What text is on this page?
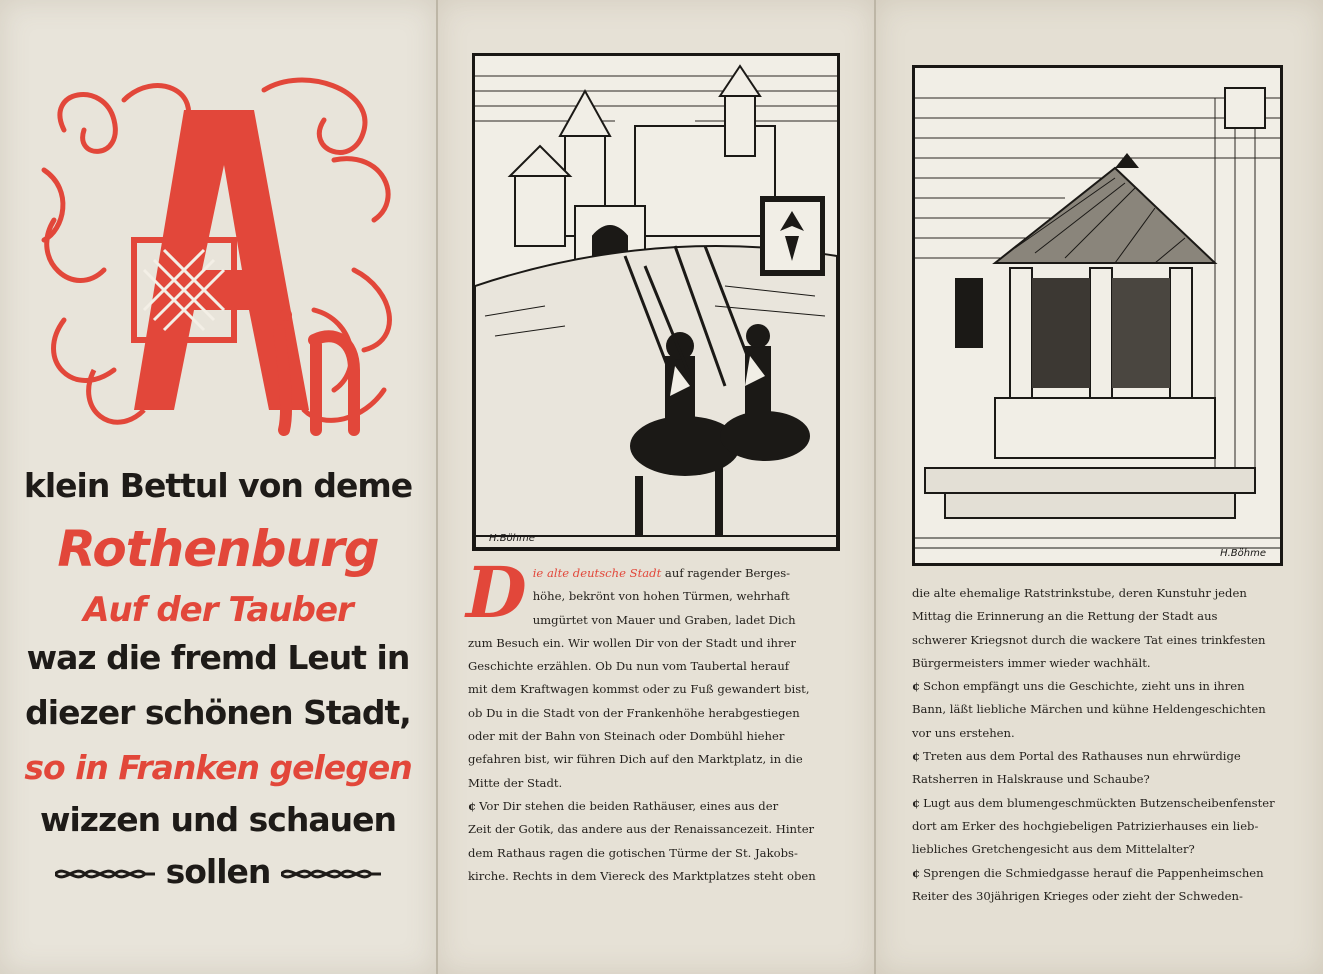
klein Bettul von deme
Rothenburg
Auf der Tauber
waz die fremd Leut in
diezer schönen Stadt,
so in Franken gelegen
wizzen und schauen
sollen
H.Böhme
D ie alte deutsche Stadt auf ragender Berges-

höhe, bekrönt von hohen Türmen, wehrhaft

umgürtet von Mauer und Graben, ladet Dich

zum Besuch ein. Wir wollen Dir von der Stadt und ihrer

Geschichte erzählen. Ob Du nun vom Taubertal herauf

mit dem Kraftwagen kommst oder zu Fuß gewandert bist,

ob Du in die Stadt von der Frankenhöhe herabgestiegen

oder mit der Bahn von Steinach oder Dombühl hieher

gefahren bist, wir führen Dich auf den Marktplatz, in die

Mitte der Stadt.

¢ Vor Dir stehen die beiden Rathäuser, eines aus der

Zeit der Gotik, das andere aus der Renaissancezeit. Hinter

dem Rathaus ragen die gotischen Türme der St. Jakobs-

kirche. Rechts in dem Viereck des Marktplatzes steht oben

H.Böhme

die alte ehemalige Ratstrinkstube, deren Kunstuhr jeden

Mittag die Erinnerung an die Rettung der Stadt aus

schwerer Kriegsnot durch die wackere Tat eines trinkfesten

Bürgermeisters immer wieder wachhält.

¢ Schon empfängt uns die Geschichte, zieht uns in ihren

Bann, läßt liebliche Märchen und kühne Heldengeschichten

vor uns erstehen.

¢ Treten aus dem Portal des Rathauses nun ehrwürdige

Ratsherren in Halskrause und Schaube?

¢ Lugt aus dem blumengeschmückten Butzenscheibenfenster

dort am Erker des hochgiebeligen Patrizierhauses ein lieb-

liebliches Gretchengesicht aus dem Mittelalter?

¢ Sprengen die Schmiedgasse herauf die Pappenheimschen

Reiter des 30jährigen Krieges oder zieht der Schweden-
